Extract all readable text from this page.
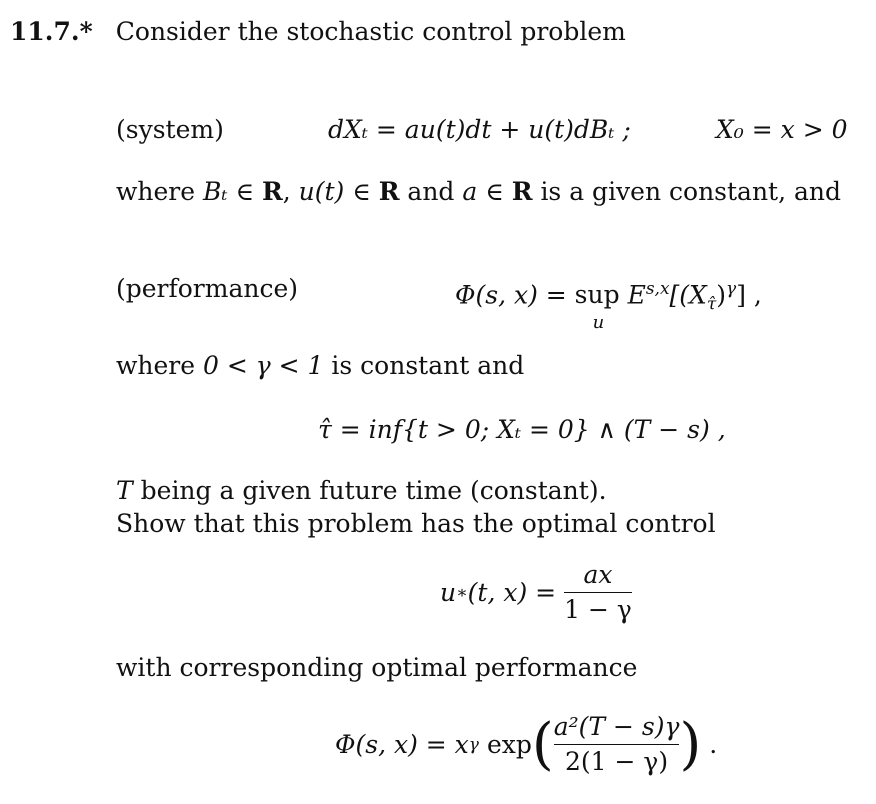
11.7.* Consider the stochastic control problem
(system)	dXₜ = au(t)dt + u(t)dBₜ ;	X₀ = x > 0
where Bₜ ∈ R, u(t) ∈ R and a ∈ R is a given constant, and
(performance)	Φ(s, x) = sup
u
$E^{s,x}[(X_{\taû})^\gamma]$ ,
where 0 < γ < 1 is constant and
τ̂ = inf{t > 0; Xₜ = 0} ∧ (T − s) ,
T being a given future time (constant).
Show that this problem has the optimal control
u ∗ (t, $x) = \frac{ax}{1 - \gamma}$
with corresponding optimal performance
Φ(s, x) = x γ exp ( $\frac{\text{a²(T − s)γ}}{2(1 - \gamma)}$ ) .
